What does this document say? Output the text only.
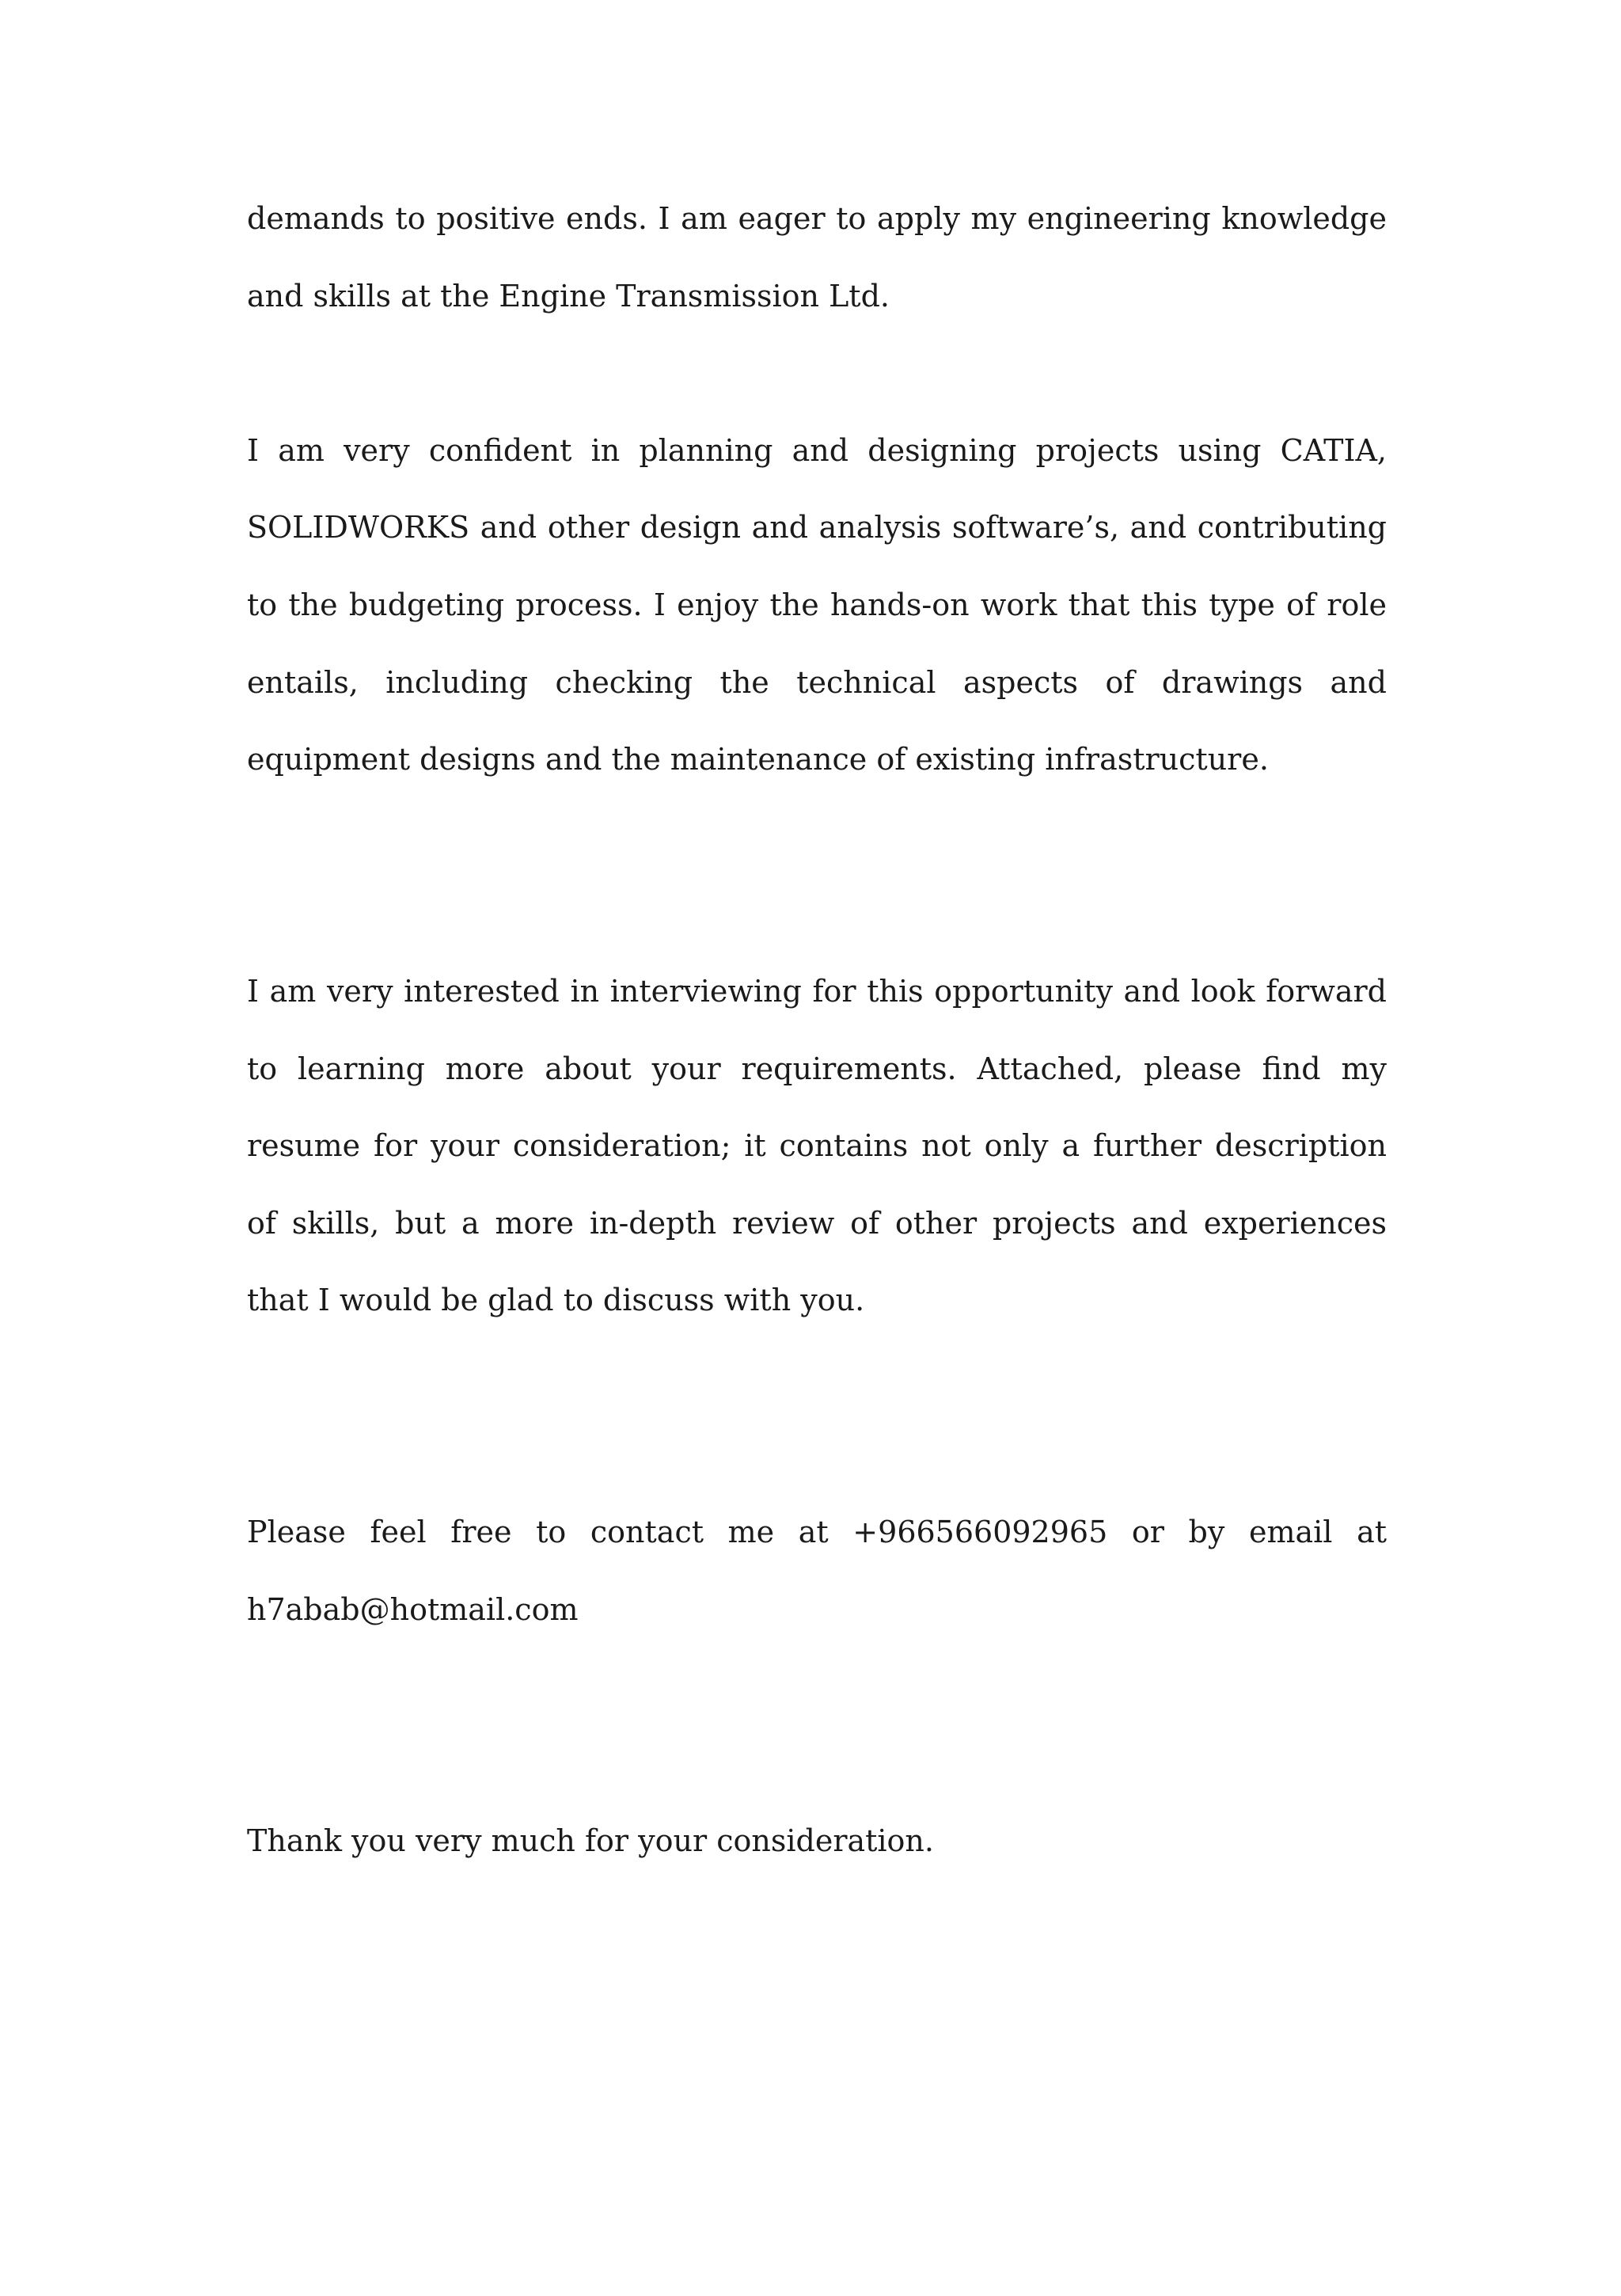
demands to positive ends. I am eager to apply my engineering knowledge and skills at the Engine Transmission Ltd.

I am very confident in planning and designing projects using CATIA, SOLIDWORKS and other design and analysis software’s, and contributing to the budgeting process. I enjoy the hands-on work that this type of role entails, including checking the technical aspects of drawings and equipment designs and the maintenance of existing infrastructure.

I am very interested in interviewing for this opportunity and look forward to learning more about your requirements. Attached, please find my resume for your consideration; it contains not only a further description of skills, but a more in-depth review of other projects and experiences that I would be glad to discuss with you.

Please feel free to contact me at +966566092965 or by email at h7abab@hotmail.com

Thank you very much for your consideration.
